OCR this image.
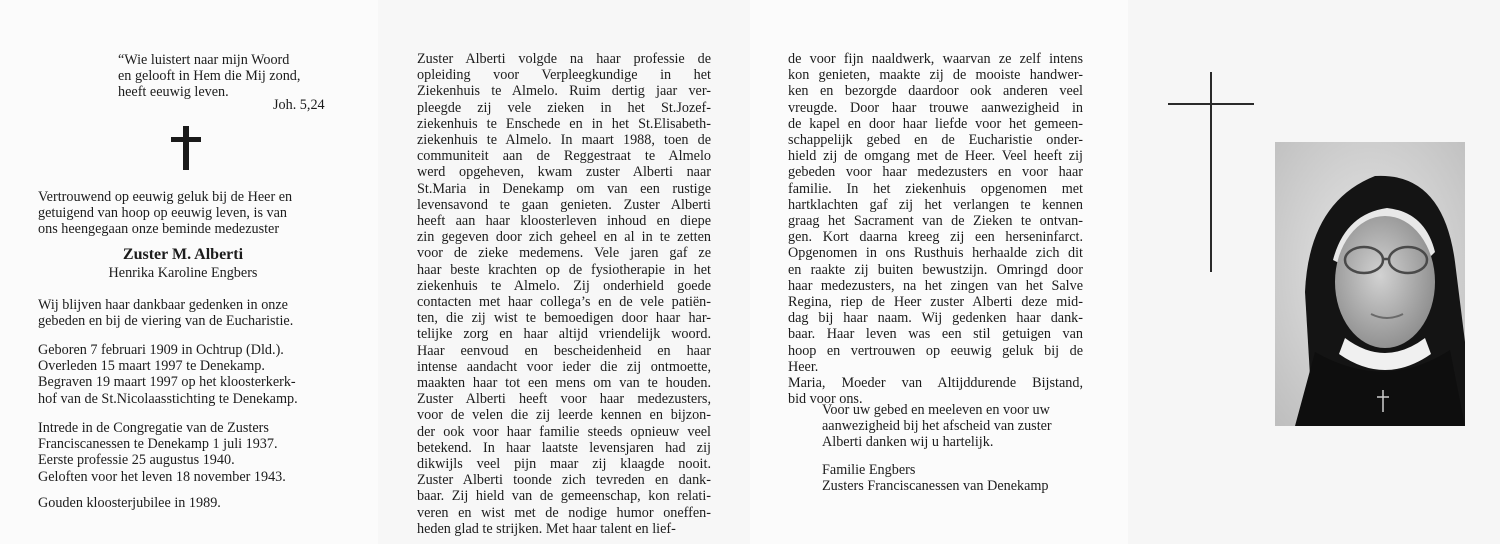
“Wie luistert naar mijn Woord
en gelooft in Hem die Mij zond,
heeft eeuwig leven.
Joh. 5,24
Vertrouwend op eeuwig geluk bij de Heer en
getuigend van hoop op eeuwig leven, is van
ons heengegaan onze beminde medezuster
Zuster M. Alberti
Henrika Karoline Engbers
Wij blijven haar dankbaar gedenken in onze
gebeden en bij de viering van de Eucharistie.
Geboren 7 februari 1909 in Ochtrup (Dld.).
Overleden 15 maart 1997 te Denekamp.
Begraven 19 maart 1997 op het kloosterkerk-
hof van de St.Nicolaasstichting te Denekamp.
Intrede in de Congregatie van de Zusters
Franciscanessen te Denekamp 1 juli 1937.
Eerste professie 25 augustus 1940.
Geloften voor het leven 18 november 1943.
Gouden kloosterjubilee in 1989.
Zuster Alberti volgde na haar professie de
opleiding voor Verpleegkundige in het
Ziekenhuis te Almelo. Ruim dertig jaar ver-
pleegde zij vele zieken in het St.Jozef-
ziekenhuis te Enschede en in het St.Elisabeth-
ziekenhuis te Almelo. In maart 1988, toen de
communiteit aan de Reggestraat te Almelo
werd opgeheven, kwam zuster Alberti naar
St.Maria in Denekamp om van een rustige
levensavond te gaan genieten. Zuster Alberti
heeft aan haar kloosterleven inhoud en diepe
zin gegeven door zich geheel en al in te zetten
voor de zieke medemens. Vele jaren gaf ze
haar beste krachten op de fysiotherapie in het
ziekenhuis te Almelo. Zij onderhield goede
contacten met haar collega’s en de vele patiën-
ten, die zij wist te bemoedigen door haar har-
telijke zorg en haar altijd vriendelijk woord.
Haar eenvoud en bescheidenheid en haar
intense aandacht voor ieder die zij ontmoette,
maakten haar tot een mens om van te houden.
Zuster Alberti heeft voor haar medezusters,
voor de velen die zij leerde kennen en bijzon-
der ook voor haar familie steeds opnieuw veel
betekend. In haar laatste levensjaren had zij
dikwijls veel pijn maar zij klaagde nooit.
Zuster Alberti toonde zich tevreden en dank-
baar. Zij hield van de gemeenschap, kon relati-
veren en wist met de nodige humor oneffen-
heden glad te strijken. Met haar talent en lief-
de voor fijn naaldwerk, waarvan ze zelf intens
kon genieten, maakte zij de mooiste handwer-
ken en bezorgde daardoor ook anderen veel
vreugde. Door haar trouwe aanwezigheid in
de kapel en door haar liefde voor het gemeen-
schappelijk gebed en de Eucharistie onder-
hield zij de omgang met de Heer. Veel heeft zij
gebeden voor haar medezusters en voor haar
familie. In het ziekenhuis opgenomen met
hartklachten gaf zij het verlangen te kennen
graag het Sacrament van de Zieken te ontvan-
gen. Kort daarna kreeg zij een herseninfarct.
Opgenomen in ons Rusthuis herhaalde zich dit
en raakte zij buiten bewustzijn. Omringd door
haar medezusters, na het zingen van het Salve
Regina, riep de Heer zuster Alberti deze mid-
dag bij haar naam. Wij gedenken haar dank-
baar. Haar leven was een stil getuigen van
hoop en vertrouwen op eeuwig geluk bij de
Heer.
Maria, Moeder van Altijddurende Bijstand,
bid voor ons.
Voor uw gebed en meeleven en voor uw
aanwezigheid bij het afscheid van zuster
Alberti danken wij u hartelijk.
Familie Engbers
Zusters Franciscanessen van Denekamp
